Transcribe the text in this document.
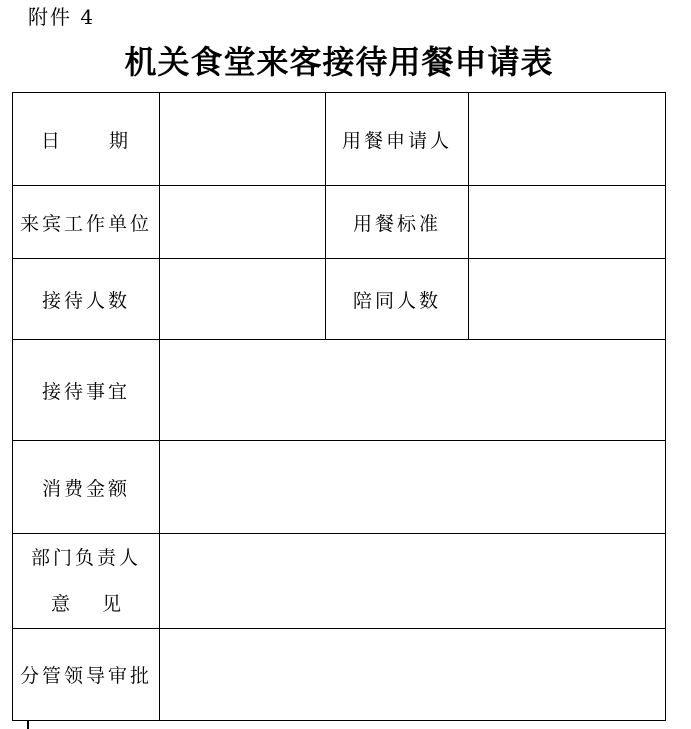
附件 4
机关食堂来客接待用餐申请表
日 期		用餐申请人	
来宾工作单位		用餐标准	
接待人数		陪同人数	
接待事宜			
消费金额			

部门负责人
意 见			

分管领导审批			
